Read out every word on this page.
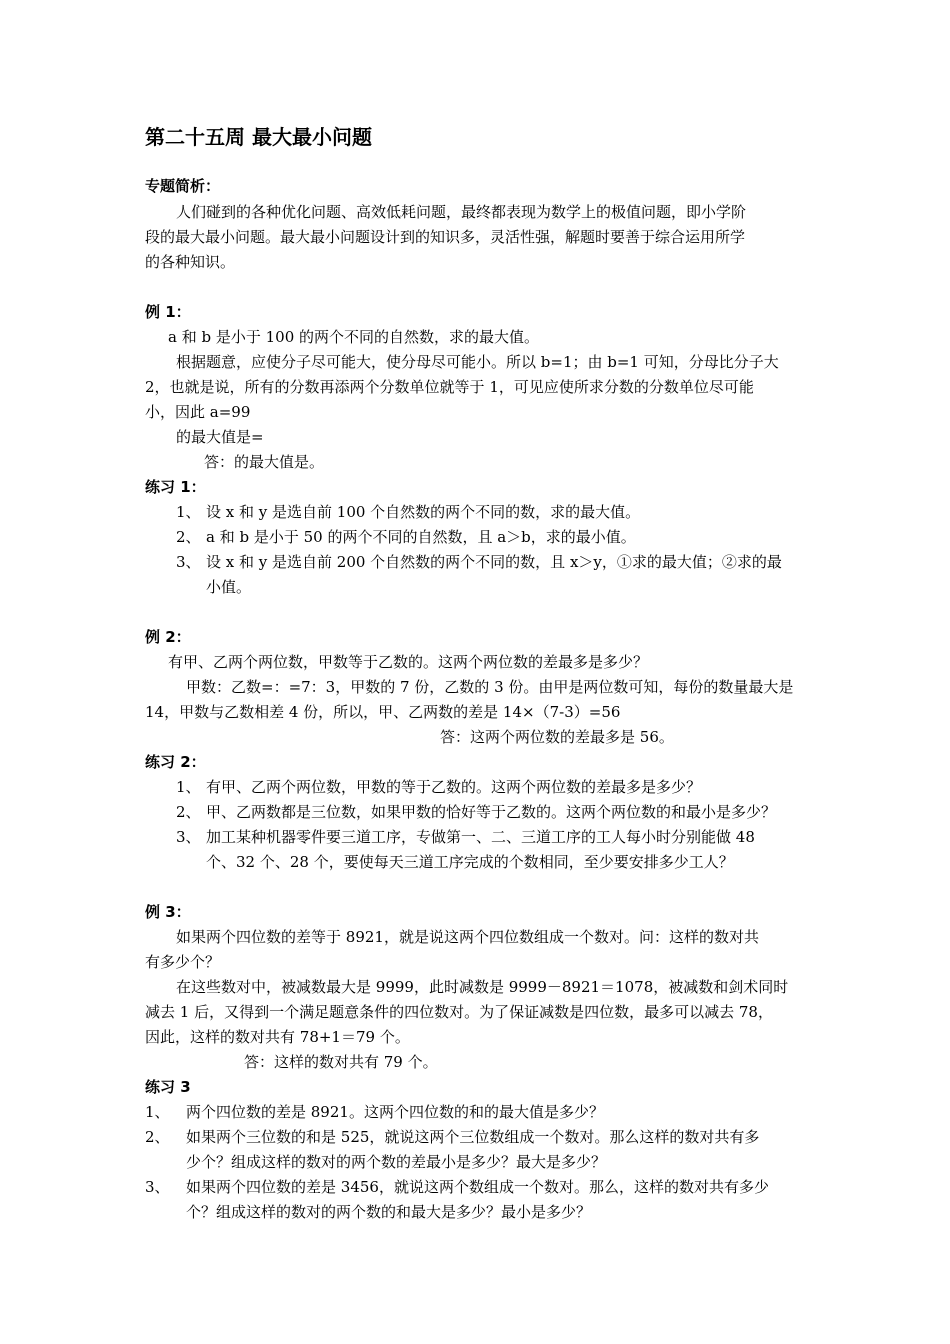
第二十五周 最大最小问题
专题简析：
人们碰到的各种优化问题、高效低耗问题，最终都表现为数学上的极值问题，即小学阶
段的最大最小问题。最大最小问题设计到的知识多，灵活性强，解题时要善于综合运用所学
的各种知识。
例 1：
a 和 b 是小于 100 的两个不同的自然数，求的最大值。
根据题意，应使分子尽可能大，使分母尽可能小。所以 b=1；由 b=1 可知，分母比分子大
2，也就是说，所有的分数再添两个分数单位就等于 1，可见应使所求分数的分数单位尽可能
小，因此 a=99
的最大值是=
答：的最大值是。
练习 1：
1、 设 x 和 y 是选自前 100 个自然数的两个不同的数，求的最大值。
2、 a 和 b 是小于 50 的两个不同的自然数，且 a＞b，求的最小值。
3、 设 x 和 y 是选自前 200 个自然数的两个不同的数，且 x＞y，①求的最大值；②求的最
小值。
例 2：
有甲、乙两个两位数，甲数等于乙数的。这两个两位数的差最多是多少？
甲数：乙数=：=7：3，甲数的 7 份，乙数的 3 份。由甲是两位数可知，每份的数量最大是
14，甲数与乙数相差 4 份，所以，甲、乙两数的差是 14×（7-3）=56
答：这两个两位数的差最多是 56。
练习 2：
1、 有甲、乙两个两位数，甲数的等于乙数的。这两个两位数的差最多是多少？
2、 甲、乙两数都是三位数，如果甲数的恰好等于乙数的。这两个两位数的和最小是多少？
3、 加工某种机器零件要三道工序，专做第一、二、三道工序的工人每小时分别能做 48
个、32 个、28 个，要使每天三道工序完成的个数相同，至少要安排多少工人？
例 3：
如果两个四位数的差等于 8921，就是说这两个四位数组成一个数对。问：这样的数对共
有多少个？
在这些数对中，被减数最大是 9999，此时减数是 9999－8921＝1078，被减数和剑术同时
减去 1 后，又得到一个满足题意条件的四位数对。为了保证减数是四位数，最多可以减去 78，
因此，这样的数对共有 78+1＝79 个。
答：这样的数对共有 79 个。
练习 3
1、 两个四位数的差是 8921。这两个四位数的和的最大值是多少？
2、 如果两个三位数的和是 525，就说这两个三位数组成一个数对。那么这样的数对共有多
少个？组成这样的数对的两个数的差最小是多少？最大是多少？
3、 如果两个四位数的差是 3456，就说这两个数组成一个数对。那么，这样的数对共有多少
个？组成这样的数对的两个数的和最大是多少？最小是多少？
